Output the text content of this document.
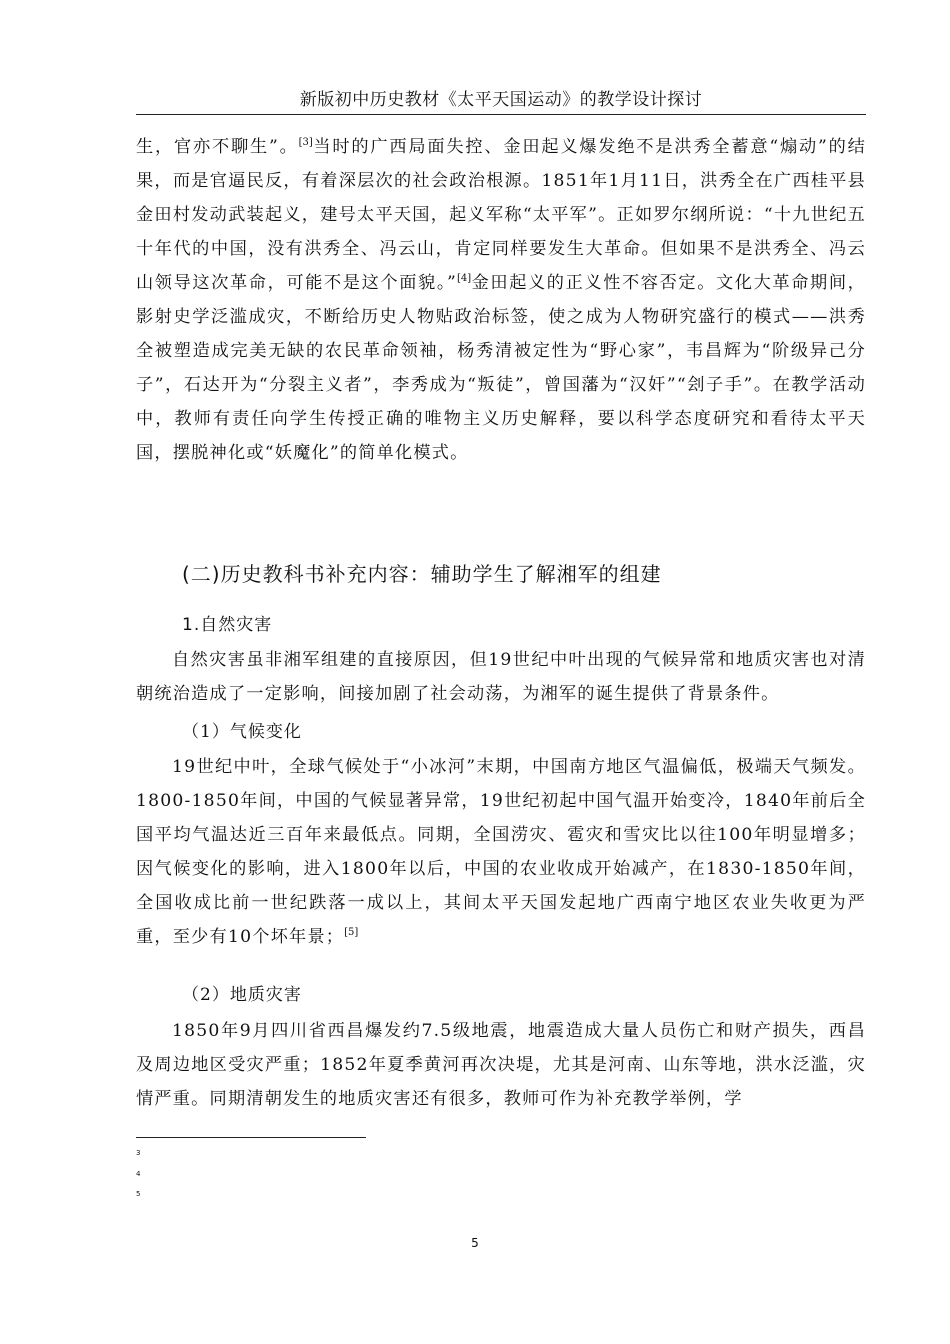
新版初中历史教材《太平天国运动》的教学设计探讨
生，官亦不聊生”。[3]当时的广西局面失控、金田起义爆发绝不是洪秀全蓄意“煽动”的结果，而是官逼民反，有着深层次的社会政治根源。1851年1月11日，洪秀全在广西桂平县金田村发动武装起义，建号太平天国，起义军称“太平军”。正如罗尔纲所说：“十九世纪五十年代的中国，没有洪秀全、冯云山，肯定同样要发生大革命。但如果不是洪秀全、冯云山领导这次革命，可能不是这个面貌。”[4]金田起义的正义性不容否定。文化大革命期间，影射史学泛滥成灾，不断给历史人物贴政治标签，使之成为人物研究盛行的模式——洪秀全被塑造成完美无缺的农民革命领袖，杨秀清被定性为“野心家”，韦昌辉为“阶级异己分子”，石达开为“分裂主义者”，李秀成为“叛徒”，曾国藩为“汉奸”“刽子手”。在教学活动中，教师有责任向学生传授正确的唯物主义历史解释，要以科学态度研究和看待太平天国，摆脱神化或“妖魔化”的简单化模式。
(二)历史教科书补充内容：辅助学生了解湘军的组建
1.自然灾害
自然灾害虽非湘军组建的直接原因，但19世纪中叶出现的气候异常和地质灾害也对清朝统治造成了一定影响，间接加剧了社会动荡，为湘军的诞生提供了背景条件。
（1）气候变化
19世纪中叶，全球气候处于“小冰河”末期，中国南方地区气温偏低，极端天气频发。1800-1850年间，中国的气候显著异常，19世纪初起中国气温开始变冷，1840年前后全国平均气温达近三百年来最低点。同期，全国涝灾、雹灾和雪灾比以往100年明显增多；因气候变化的影响，进入1800年以后，中国的农业收成开始减产，在1830-1850年间，全国收成比前一世纪跌落一成以上，其间太平天国发起地广西南宁地区农业失收更为严重，至少有10个坏年景；[5]
（2）地质灾害
1850年9月四川省西昌爆发约7.5级地震，地震造成大量人员伤亡和财产损失，西昌及周边地区受灾严重；1852年夏季黄河再次决堤，尤其是河南、山东等地，洪水泛滥，灾情严重。同期清朝发生的地质灾害还有很多，教师可作为补充教学举例，学
3
4
5
5
